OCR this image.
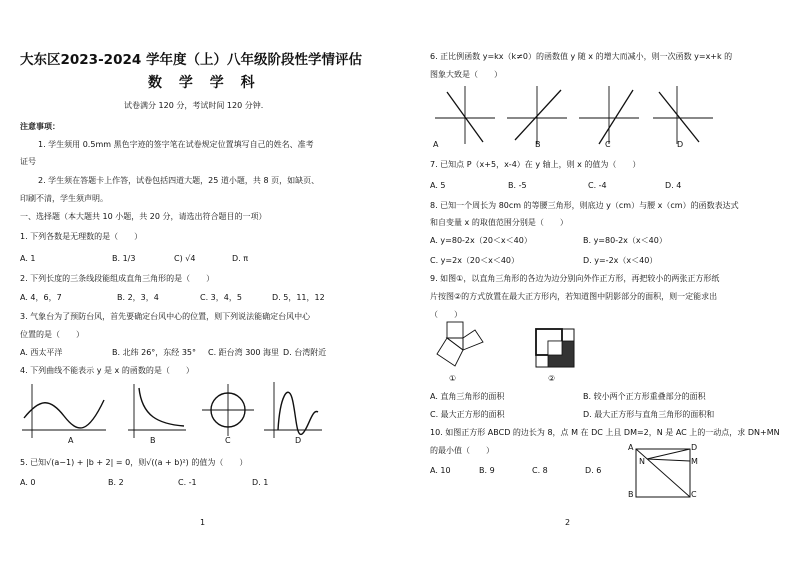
大东区2023-2024 学年度（上）八年级阶段性学情评估
数 学 学 科
试卷满分 120 分，考试时间 120 分钟.
注意事项：
1. 学生须用 0.5mm 黑色字迹的签字笔在试卷规定位置填写自己的姓名、准考
证号
2. 学生须在答题卡上作答，试卷包括四道大题，25 道小题，共 8 页，如缺页、
印刷不清，学生须声明。
一、选择题（本大题共 10 小题，共 20 分，请选出符合题目的一项）
1. 下列各数是无理数的是（　　）
A. 1	B. 1/3	C) √4	D. π
2. 下列长度的三条线段能组成直角三角形的是（　　）
A. 4，6，7	B. 2，3，4	C. 3，4，5	D. 5，11，12
3. 气象台为了预防台风，首先要确定台风中心的位置，则下列说法能确定台风中心
位置的是（　　）
A. 西太平洋	B. 北纬 26°，东经 35° C. 距台湾 300 海里 D. 台湾附近
4. 下列曲线不能表示 y 是 x 的函数的是（　　）
A	B	C	D
5. 已知√(a−1) + |b + 2| = 0，则√((a + b)²) 的值为（　　）
A. 0	B. 2	C. -1	D. 1
1
6. 正比例函数 y=kx（k≠0）的函数值 y 随 x 的增大而减小，则一次函数 y=x+k 的
图象大致是（　　）
A	B	C	D
7. 已知点 P（x+5，x-4）在 y 轴上，则 x 的值为（　　）
A. 5	B. -5	C. -4	D. 4
8. 已知一个周长为 80cm 的等腰三角形，则底边 y（cm）与腰 x（cm）的函数表达式
和自变量 x 的取值范围分别是（　　）
A. y=80-2x（20＜x＜40）	B. y=80-2x（x＜40）
C. y=2x（20＜x＜40）	D. y=-2x（x＜40）
9. 如图①，以直角三角形的各边为边分别向外作正方形，再把较小的两张正方形纸
片按图②的方式放置在最大正方形内，若知道图中阴影部分的面积，则一定能求出
（　　）
①	②
A. 直角三角形的面积	B. 较小两个正方形重叠部分的面积
C. 最大正方形的面积	D. 最大正方形与直角三角形的面积和
10. 如图正方形 ABCD 的边长为 8，点 M 在 DC 上且 DM=2，N 是 AC 上的一动点，求 DN+MN
的最小值（　　）
A. 10	B. 9	C. 8	D. 6
A	D
M
N
B	C
2
